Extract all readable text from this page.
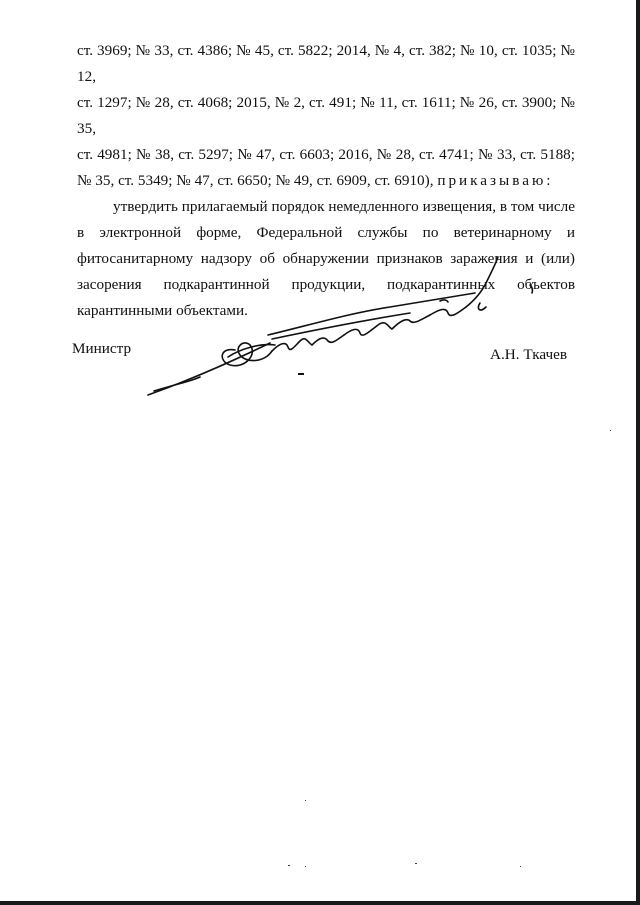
ст. 3969; № 33, ст. 4386; № 45, ст. 5822; 2014, № 4, ст. 382; № 10, ст. 1035; № 12,

ст. 1297; № 28, ст. 4068; 2015, № 2, ст. 491; № 11, ст. 1611; № 26, ст. 3900; № 35,

ст. 4981; № 38, ст. 5297; № 47, ст. 6603; 2016, № 28, ст. 4741; № 33, ст. 5188;

№ 35, ст. 5349; № 47, ст. 6650; № 49, ст. 6909, ст. 6910), приказываю:

утвердить прилагаемый порядок немедленного извещения, в том числе

в электронной форме, Федеральной службы по ветеринарному и

фитосанитарному надзору об обнаружении признаков заражения и (или)

засорения подкарантинной продукции, подкарантинных объектов

карантинными объектами.

Министр	А.Н. Ткачев
